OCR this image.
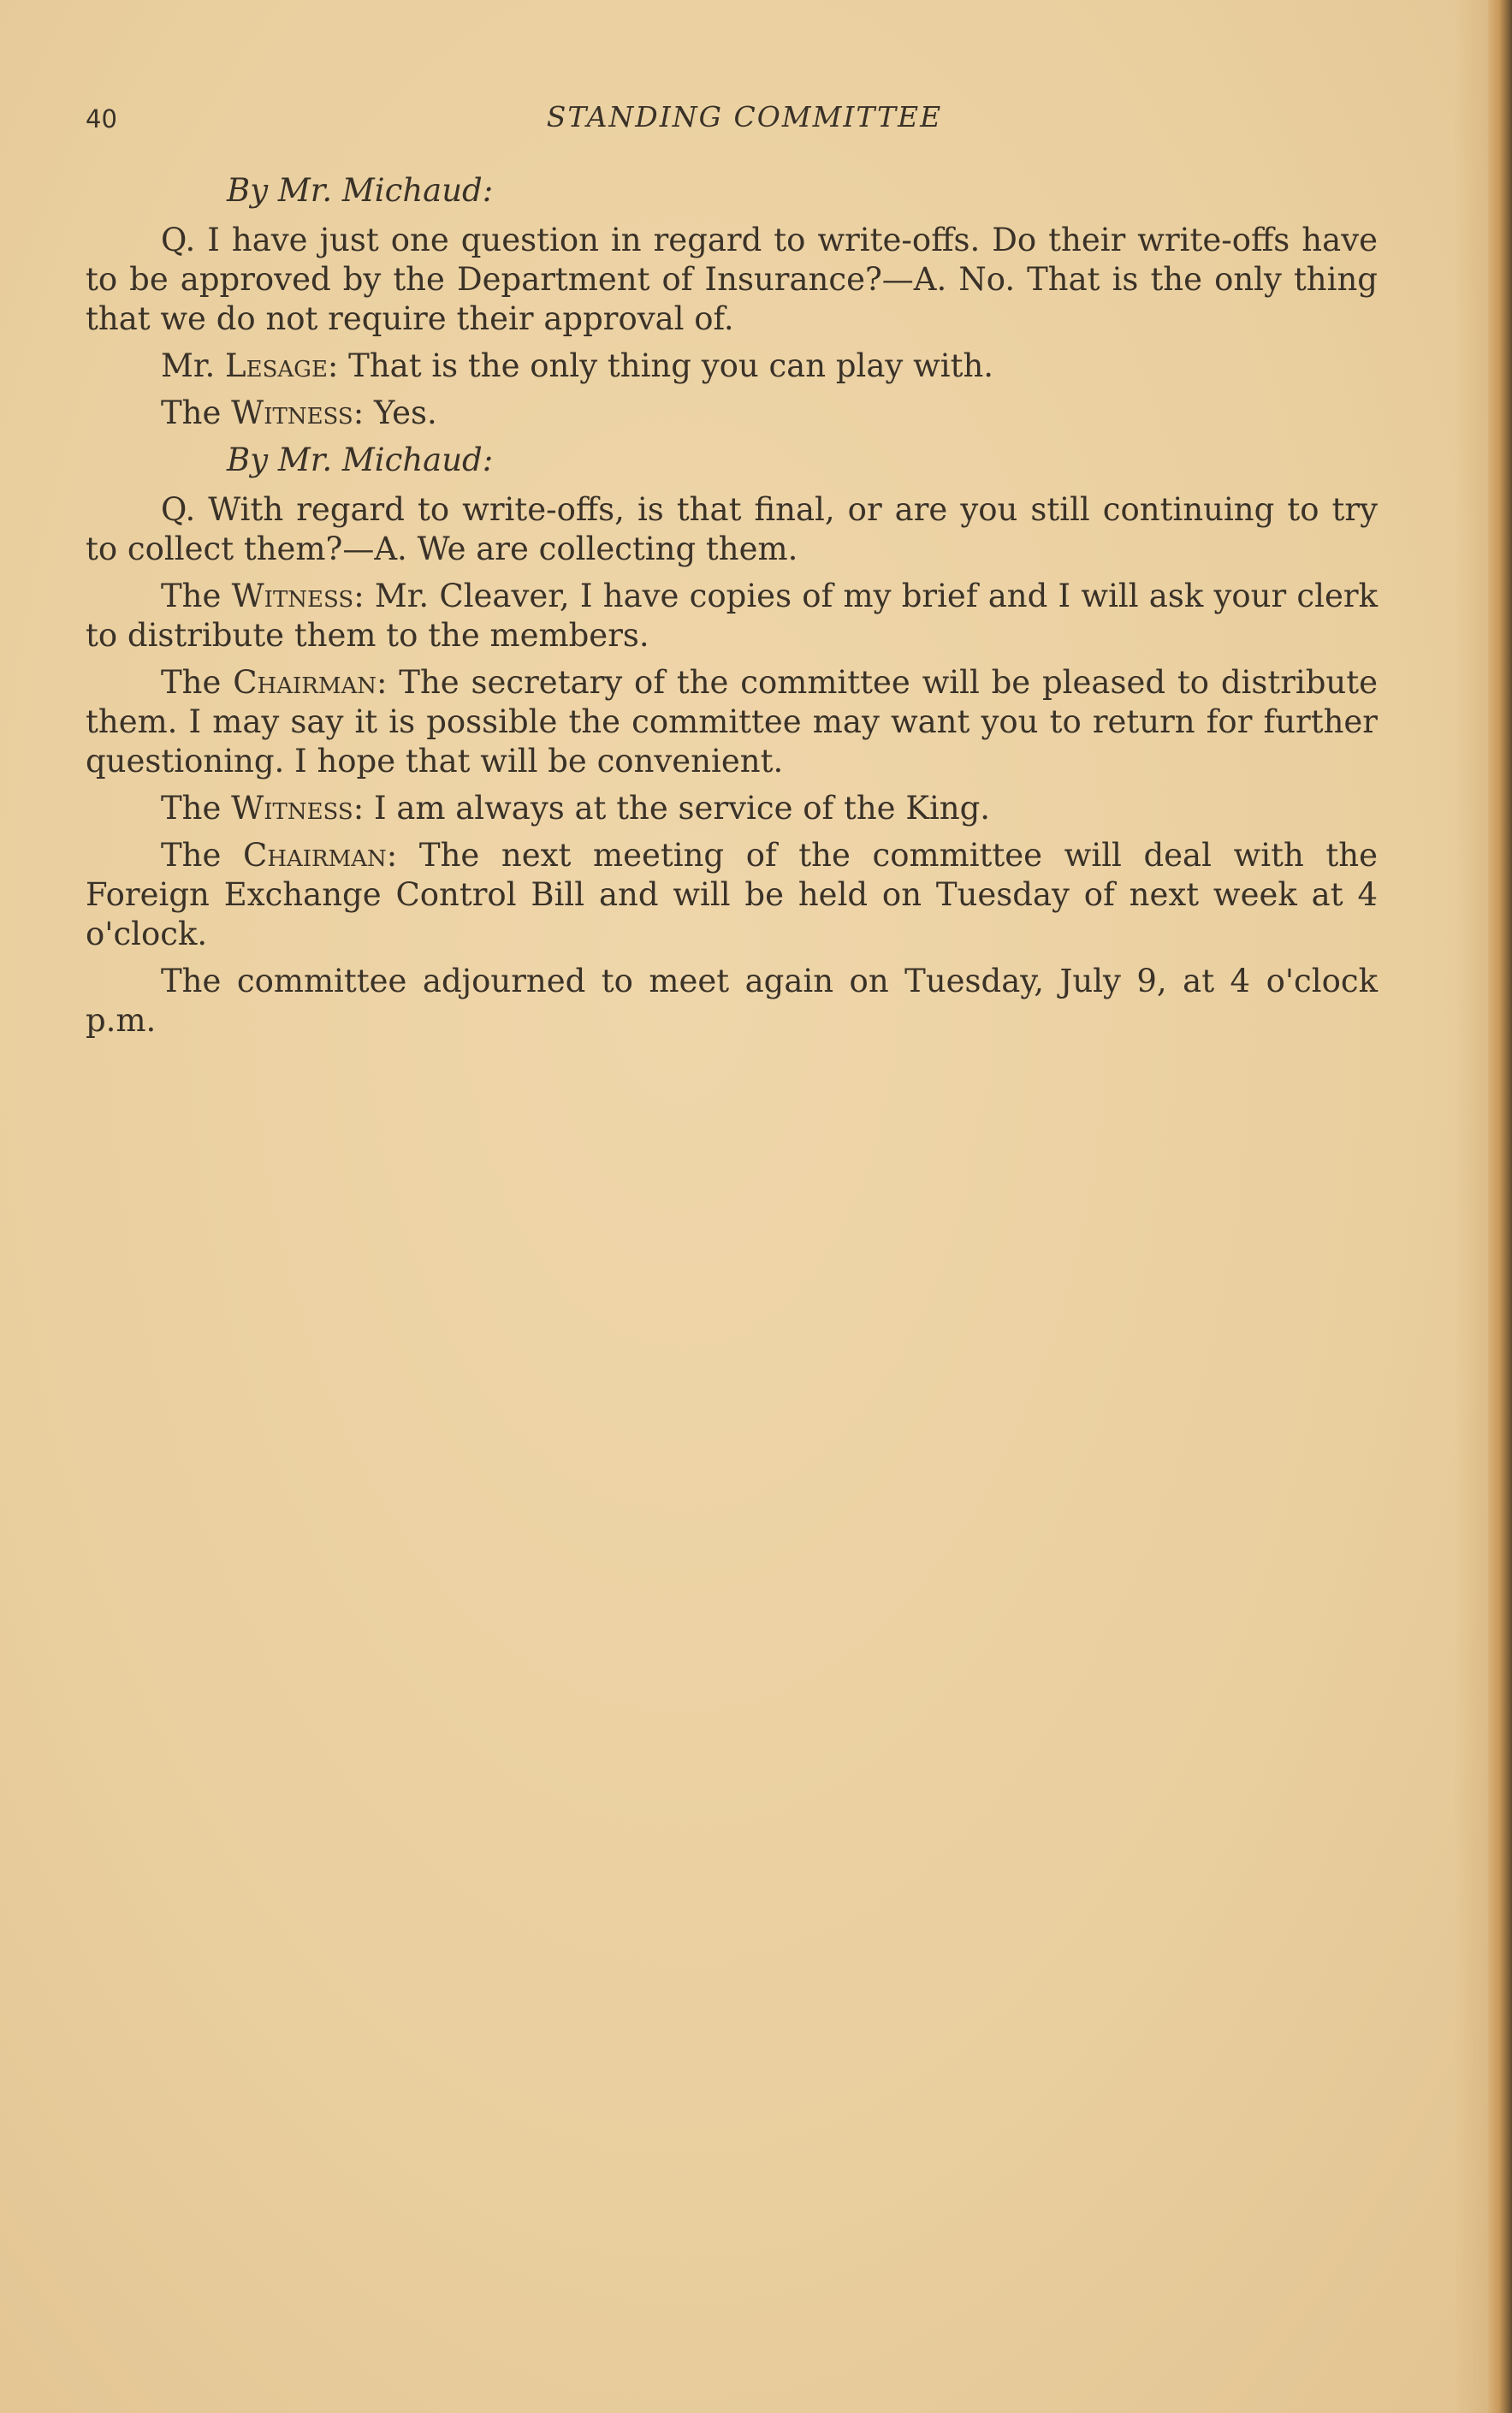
40	STANDING COMMITTEE

By Mr. Michaud:

Q. I have just one question in regard to write-offs. Do their write-offs have to be approved by the Department of Insurance?—A. No. That is the only thing that we do not require their approval of.

Mr. Lesage: That is the only thing you can play with.

The Witness: Yes.

By Mr. Michaud:

Q. With regard to write-offs, is that final, or are you still continuing to try to collect them?—A. We are collecting them.

The Witness: Mr. Cleaver, I have copies of my brief and I will ask your clerk to distribute them to the members.

The Chairman: The secretary of the committee will be pleased to distribute them. I may say it is possible the committee may want you to return for further questioning. I hope that will be convenient.

The Witness: I am always at the service of the King.

The Chairman: The next meeting of the committee will deal with the Foreign Exchange Control Bill and will be held on Tuesday of next week at 4 o'clock.

The committee adjourned to meet again on Tuesday, July 9, at 4 o'clock p.m.
